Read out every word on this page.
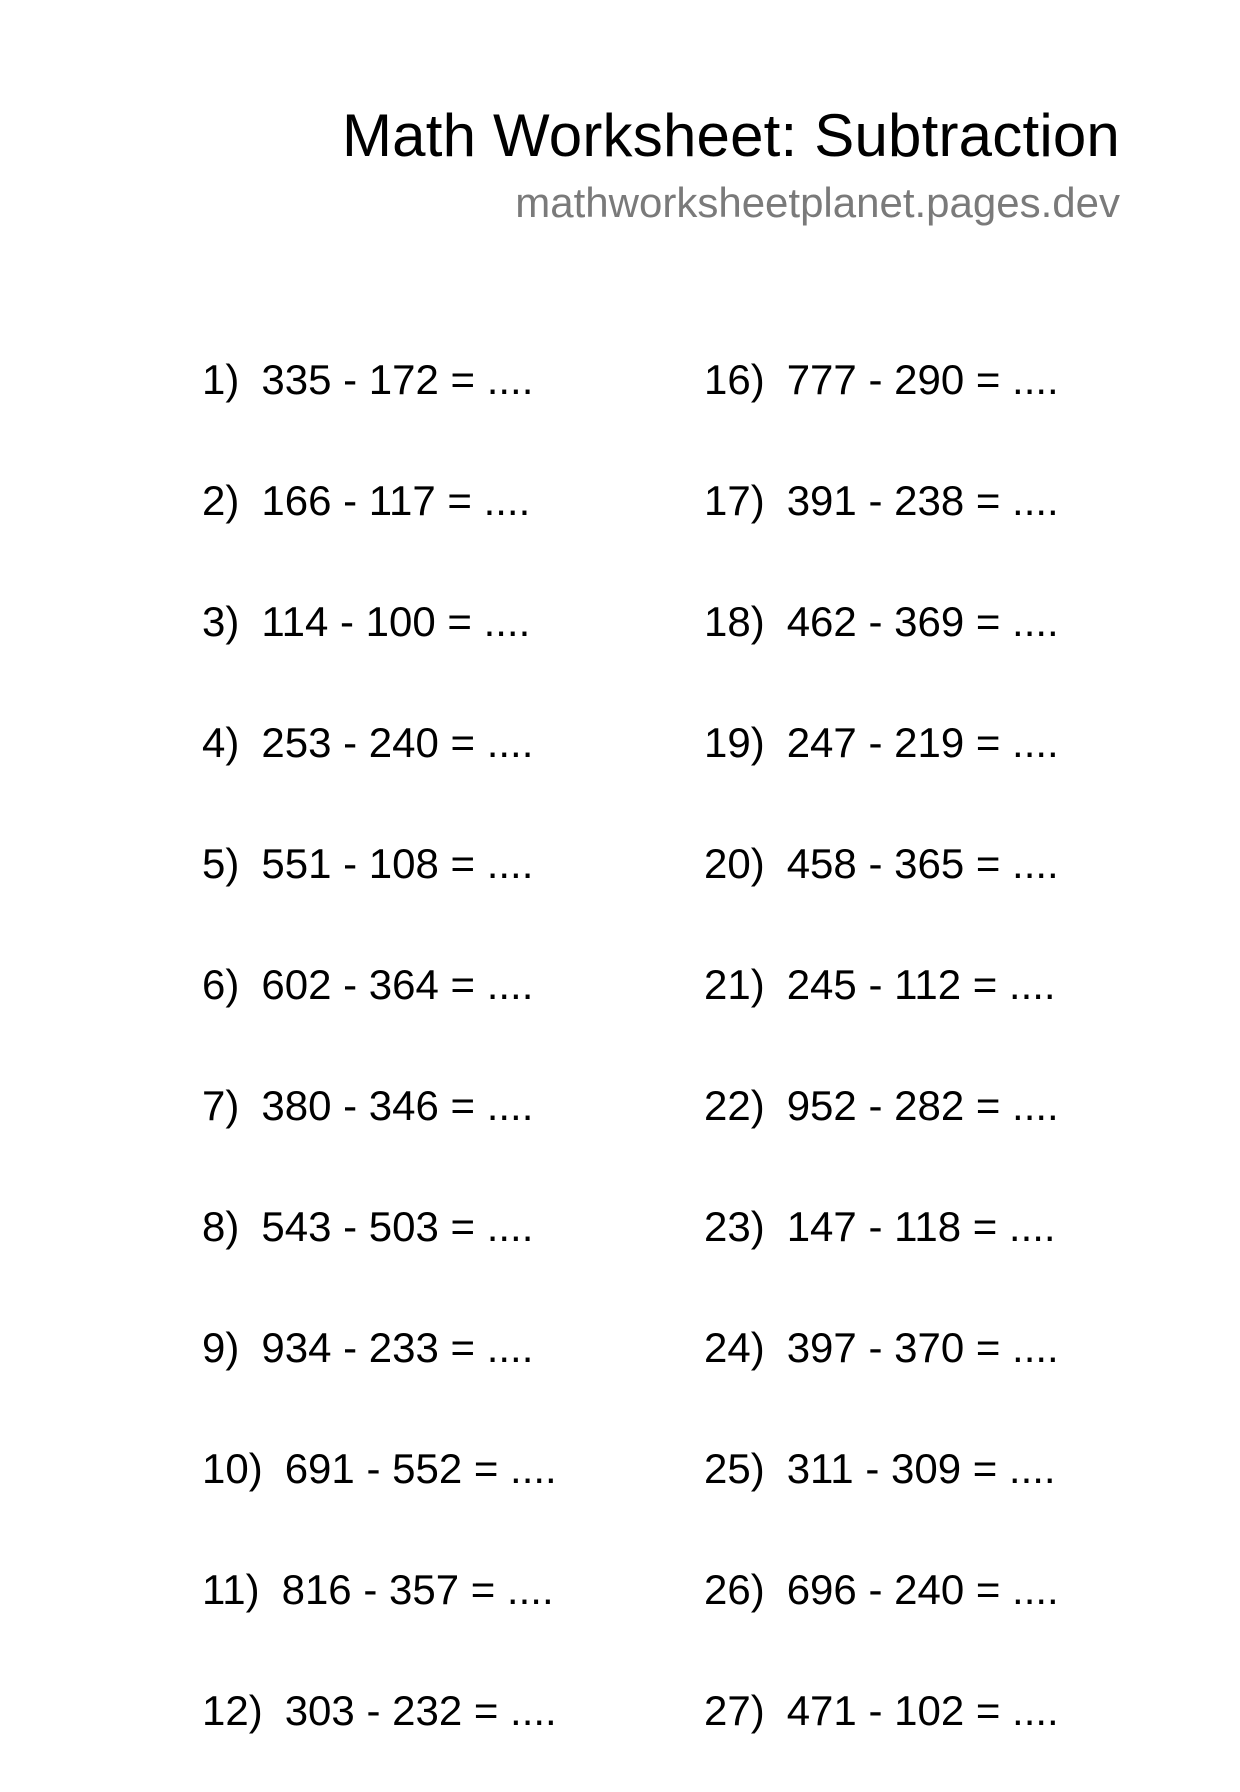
Math Worksheet: Subtraction
mathworksheetplanet.pages.dev
1) 335 - 172 = ....
2) 166 - 117 = ....
3) 114 - 100 = ....
4) 253 - 240 = ....
5) 551 - 108 = ....
6) 602 - 364 = ....
7) 380 - 346 = ....
8) 543 - 503 = ....
9) 934 - 233 = ....
10) 691 - 552 = ....
11) 816 - 357 = ....
12) 303 - 232 = ....
16) 777 - 290 = ....
17) 391 - 238 = ....
18) 462 - 369 = ....
19) 247 - 219 = ....
20) 458 - 365 = ....
21) 245 - 112 = ....
22) 952 - 282 = ....
23) 147 - 118 = ....
24) 397 - 370 = ....
25) 311 - 309 = ....
26) 696 - 240 = ....
27) 471 - 102 = ....
